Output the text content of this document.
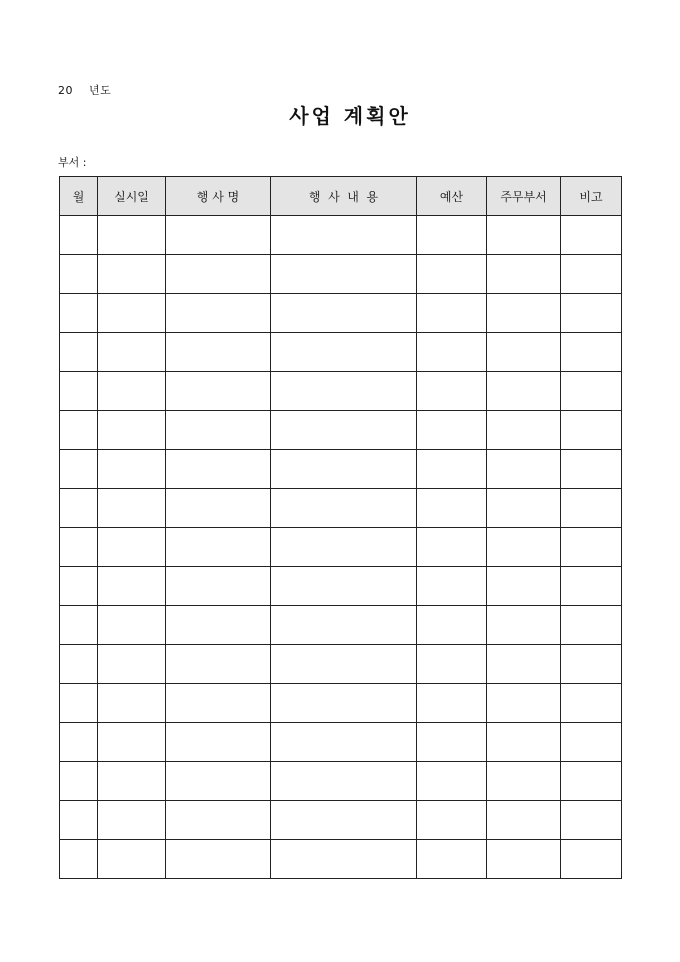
20 년도
사업 계획안
부서 :
월	실시일	행 사 명	행  사  내  용	예산	주무부서	비고
